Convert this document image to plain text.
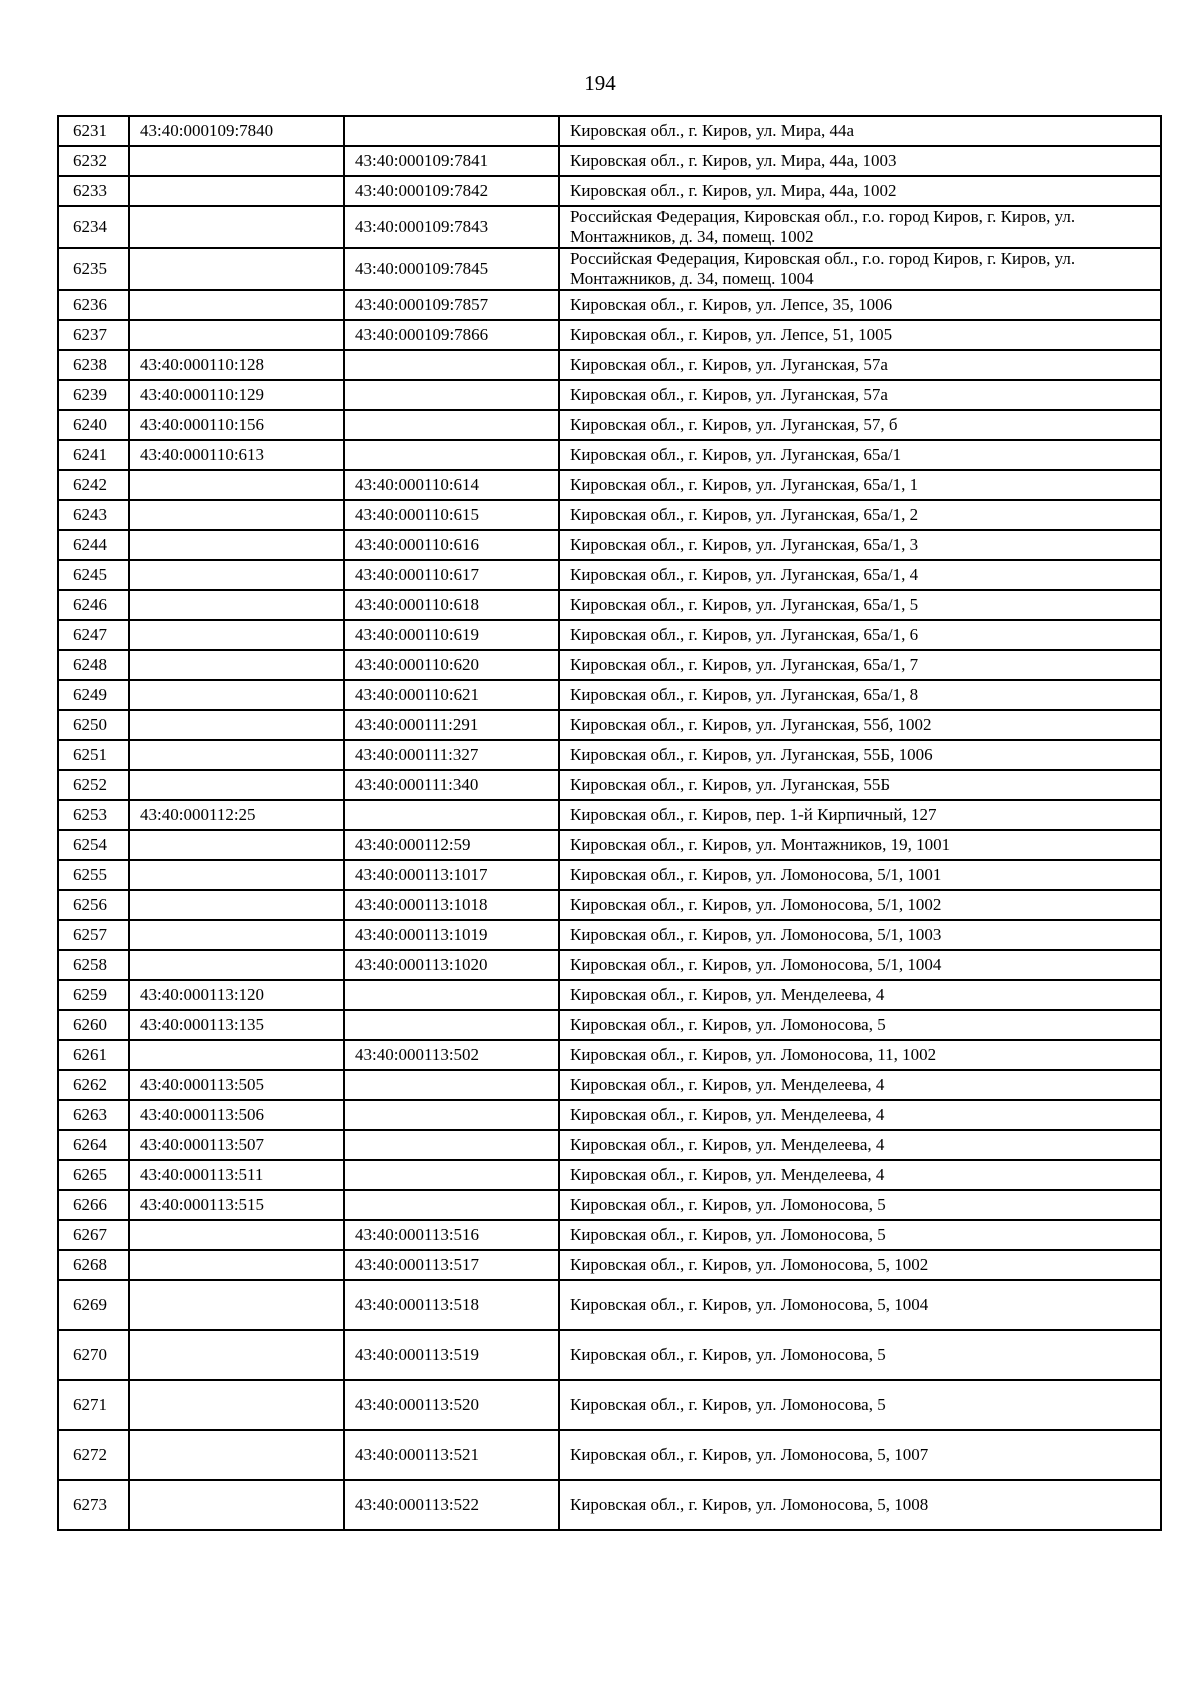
194
6231	43:40:000109:7840		Кировская обл., г. Киров, ул. Мира, 44а
6232		43:40:000109:7841	Кировская обл., г. Киров, ул. Мира, 44а, 1003
6233		43:40:000109:7842	Кировская обл., г. Киров, ул. Мира, 44а, 1002
6234		43:40:000109:7843	Российская Федерация, Кировская обл., г.о. город Киров, г. Киров, ул. Монтажников, д. 34, помещ. 1002
6235		43:40:000109:7845	Российская Федерация, Кировская обл., г.о. город Киров, г. Киров, ул. Монтажников, д. 34, помещ. 1004
6236		43:40:000109:7857	Кировская обл., г. Киров, ул. Лепсе, 35, 1006
6237		43:40:000109:7866	Кировская обл., г. Киров, ул. Лепсе, 51, 1005
6238	43:40:000110:128		Кировская обл., г. Киров, ул. Луганская, 57а
6239	43:40:000110:129		Кировская обл., г. Киров, ул. Луганская, 57а
6240	43:40:000110:156		Кировская обл., г. Киров, ул. Луганская, 57, б
6241	43:40:000110:613		Кировская обл., г. Киров, ул. Луганская, 65а/1
6242		43:40:000110:614	Кировская обл., г. Киров, ул. Луганская, 65а/1, 1
6243		43:40:000110:615	Кировская обл., г. Киров, ул. Луганская, 65а/1, 2
6244		43:40:000110:616	Кировская обл., г. Киров, ул. Луганская, 65а/1, 3
6245		43:40:000110:617	Кировская обл., г. Киров, ул. Луганская, 65а/1, 4
6246		43:40:000110:618	Кировская обл., г. Киров, ул. Луганская, 65а/1, 5
6247		43:40:000110:619	Кировская обл., г. Киров, ул. Луганская, 65а/1, 6
6248		43:40:000110:620	Кировская обл., г. Киров, ул. Луганская, 65а/1, 7
6249		43:40:000110:621	Кировская обл., г. Киров, ул. Луганская, 65а/1, 8
6250		43:40:000111:291	Кировская обл., г. Киров, ул. Луганская, 55б, 1002
6251		43:40:000111:327	Кировская обл., г. Киров, ул. Луганская, 55Б, 1006
6252		43:40:000111:340	Кировская обл., г. Киров, ул. Луганская, 55Б
6253	43:40:000112:25		Кировская обл., г. Киров, пер. 1-й Кирпичный, 127
6254		43:40:000112:59	Кировская обл., г. Киров, ул. Монтажников, 19, 1001
6255		43:40:000113:1017	Кировская обл., г. Киров, ул. Ломоносова, 5/1, 1001
6256		43:40:000113:1018	Кировская обл., г. Киров, ул. Ломоносова, 5/1, 1002
6257		43:40:000113:1019	Кировская обл., г. Киров, ул. Ломоносова, 5/1, 1003
6258		43:40:000113:1020	Кировская обл., г. Киров, ул. Ломоносова, 5/1, 1004
6259	43:40:000113:120		Кировская обл., г. Киров, ул. Менделеева, 4
6260	43:40:000113:135		Кировская обл., г. Киров, ул. Ломоносова, 5
6261		43:40:000113:502	Кировская обл., г. Киров, ул. Ломоносова, 11, 1002
6262	43:40:000113:505		Кировская обл., г. Киров, ул. Менделеева, 4
6263	43:40:000113:506		Кировская обл., г. Киров, ул. Менделеева, 4
6264	43:40:000113:507		Кировская обл., г. Киров, ул. Менделеева, 4
6265	43:40:000113:511		Кировская обл., г. Киров, ул. Менделеева, 4
6266	43:40:000113:515		Кировская обл., г. Киров, ул. Ломоносова, 5
6267		43:40:000113:516	Кировская обл., г. Киров, ул. Ломоносова, 5
6268		43:40:000113:517	Кировская обл., г. Киров, ул. Ломоносова, 5, 1002
6269		43:40:000113:518	Кировская обл., г. Киров, ул. Ломоносова, 5, 1004
6270		43:40:000113:519	Кировская обл., г. Киров, ул. Ломоносова, 5
6271		43:40:000113:520	Кировская обл., г. Киров, ул. Ломоносова, 5
6272		43:40:000113:521	Кировская обл., г. Киров, ул. Ломоносова, 5, 1007
6273		43:40:000113:522	Кировская обл., г. Киров, ул. Ломоносова, 5, 1008
